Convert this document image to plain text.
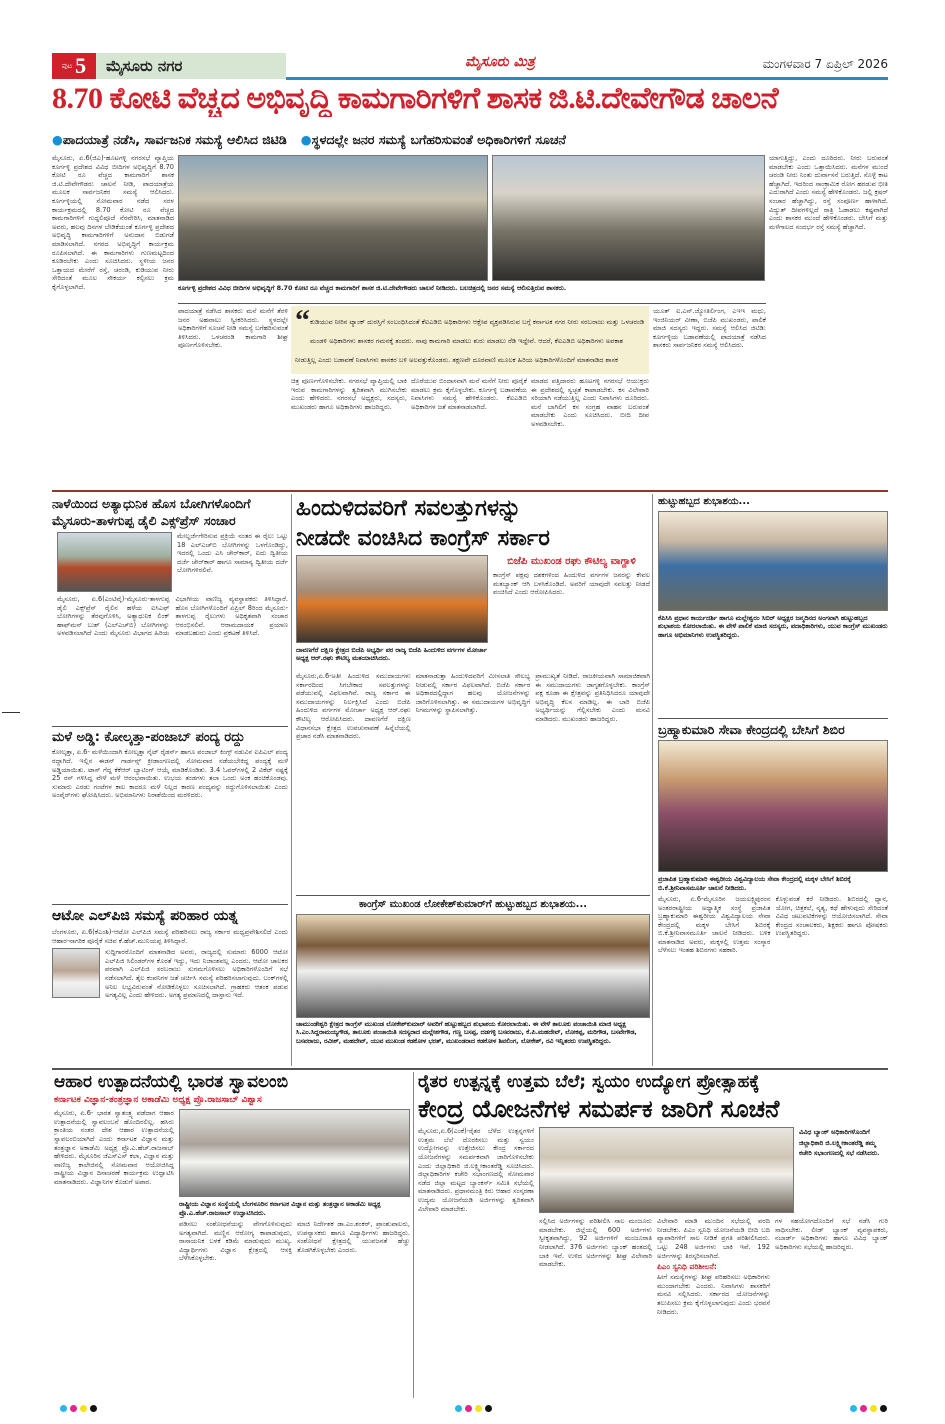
ಪುಟ 5 ಮೈಸೂರು ನಗರ	ಮೈಸೂರು ಮಿತ್ರ	ಮಂಗಳವಾರ 7 ಏಪ್ರಿಲ್ 2026
8.70 ಕೋಟಿ ವೆಚ್ಚದ ಅಭಿವೃದ್ಧಿ ಕಾಮಗಾರಿಗಳಿಗೆ ಶಾಸಕ ಜಿ.ಟಿ.ದೇವೇಗೌಡ ಚಾಲನೆ
●ಪಾದಯಾತ್ರೆ ನಡೆಸಿ, ಸಾರ್ವಜನಿಕ ಸಮಸ್ಯೆ ಆಲಿಸಿದ ಜಿಟಿಡಿ ●ಸ್ಥಳದಲ್ಲೇ ಜನರ ಸಮಸ್ಯೆ ಬಗೆಹರಿಸುವಂತೆ ಅಧಿಕಾರಿಗಳಿಗೆ ಸೂಚನೆ
ಮೈಸೂರು, ಏ.6(ಜಿಎ)-ಹೂಟಗಳ್ಳಿ ನಗರಸಭೆ ವ್ಯಾಪ್ತಿಯ ಕೂರ್ಗಳ್ಳಿ ಪ್ರದೇಶದ ವಿವಿಧ ಬೀದಿಗಳ ಅಭಿವೃದ್ಧಿಗೆ 8.70 ಕೋಟಿ ರೂ ವೆಚ್ಚದ ಕಾಮಗಾರಿಗೆ ಶಾಸಕ ಜಿ.ಟಿ.ದೇವೇಗೌಡರು ಚಾಲನೆ ನೀಡಿ, ಪಾದಯಾತ್ರೆಯ ಮೂಲಕ ಸಾರ್ವಜನಿಕರ ಸಮಸ್ಯೆ ಆಲಿಸಿದರು. ಕೂರ್ಗಳ್ಳಿಯಲ್ಲಿ ಸೋಮವಾರ ನಡೆದ ಸರಳ ಕಾರ್ಯಕ್ರಮದಲ್ಲಿ 8.70 ಕೋಟಿ ರೂ ವೆಚ್ಚದ ಕಾಮಗಾರಿಗಳಿಗೆ ಗುದ್ದಲಿಪೂಜೆ ನೆರವೇರಿಸಿ, ಮಾತನಾಡಿದ ಅವರು, ಹಲವು ದಿನಗಳ ಬೇಡಿಕೆಯಂತೆ ಕೂರ್ಗಳ್ಳಿ ಪ್ರದೇಶದ ಅಭಿವೃದ್ಧಿ ಕಾಮಗಾರಿಗಳಿಗೆ ಅನುದಾನ ಬಿಡುಗಡೆ ಮಾಡಿಸಲಾಗಿದೆ. ನಗರದ ಅಭಿವೃದ್ಧಿಗೆ ಕಾರ್ಯಕ್ರಮ ರೂಪಿಸಲಾಗಿದೆ. ಈ ಕಾಮಗಾರಿಗಳು ಗುಣಮಟ್ಟದಿಂದ ಕೂಡಿರಬೇಕು ಎಂದು ಸೂಚಿಸಿದರು. ಸ್ಥಳೀಯ ಜನರ ಒತ್ತಾಯದ ಮೇರೆಗೆ ರಸ್ತೆ, ಚರಂಡಿ, ಕುಡಿಯುವ ನೀರು ಸೇರಿದಂತೆ ಮೂಲ ಸೌಕರ್ಯ ಕಲ್ಪಿಸಲು ಕ್ರಮ ಕೈಗೊಳ್ಳಲಾಗಿದೆ.
ಯಾಗುತ್ತಿದ್ದು, ಎಂದು ದೂರಿದರು. ನೀರು ಬರುವಂತೆ ಮಾಡಬೇಕು ಎಂದು ಒತ್ತಾಯಿಸಿದರು. ಮನೆಗಳ ಮುಂದೆ ಚರಂಡಿ ನೀರು ನಿಂತು ದುರ್ವಾಸನೆ ಬರುತ್ತಿದೆ. ಸೊಳ್ಳೆ ಕಾಟ ಹೆಚ್ಚಾಗಿದೆ. ಇದರಿಂದ ಸಾಂಕ್ರಾಮಿಕ ರೋಗ ಹರಡುವ ಭೀತಿ ಎದುರಾಗಿದೆ ಎಂದು ಸಮಸ್ಯೆ ಹೇಳಿಕೊಂಡರು. ಜಲ್ಲಿ ಕ್ರಷರ್ ಸಂಚಾರ ಹೆಚ್ಚಾಗಿದ್ದು, ರಸ್ತೆ ಸಂಪೂರ್ಣ ಹಾಳಾಗಿದೆ. ವಿದ್ಯುತ್ ದೀಪಗಳಿಲ್ಲದೆ ರಾತ್ರಿ ಓಡಾಡಲು ಕಷ್ಟವಾಗಿದೆ ಎಂದು ಶಾಸಕರ ಮುಂದೆ ಹೇಳಿಕೊಂಡರು. ಬೇಸಿಗೆ ಮತ್ತು ಮಳೆಗಾಲದ ಸಂದರ್ಭ ರಸ್ತೆ ಸಮಸ್ಯೆ ಹೆಚ್ಚಾಗಿದೆ.
ಕೂರ್ಗಳ್ಳಿ ಪ್ರದೇಶದ ವಿವಿಧ ಬೀದಿಗಳ ಅಭಿವೃದ್ಧಿಗೆ 8.70 ಕೋಟಿ ರೂ ವೆಚ್ಚದ ಕಾಮಗಾರಿಗೆ ಶಾಸಕ ಜಿ.ಟಿ.ದೇವೇಗೌಡರು ಚಾಲನೆ ನೀಡಿದರು. ಬಲಚಿತ್ರದಲ್ಲಿ ಜನರ ಸಮಸ್ಯೆ ಆಲಿಸುತ್ತಿರುವ ಶಾಸಕರು.
ಪಾದಯಾತ್ರೆ ನಡೆಸಿದ ಶಾಸಕರು ಮನೆ ಮನೆಗೆ ತೆರಳಿ ಜನರ ಅಹವಾಲು ಸ್ವೀಕರಿಸಿದರು. ಸ್ಥಳದಲ್ಲೇ ಅಧಿಕಾರಿಗಳಿಗೆ ಸೂಚನೆ ನೀಡಿ ಸಮಸ್ಯೆ ಬಗೆಹರಿಸುವಂತೆ ತಿಳಿಸಿದರು. ಒಳಚರಂಡಿ ಕಾಮಗಾರಿ ಶೀಘ್ರ ಪೂರ್ಣಗೊಳಿಸಬೇಕು.
“ ಕುಡಿಯುವ ನೀರಿನ ಟ್ಯಾಂಕ್ ದುರಸ್ತಿಗೆ ಸಂಬಂಧಿಸಿದಂತೆ ಕೆಐಎಡಿಬಿ ಅಧಿಕಾರಿಗಳು ಆಕ್ಷೇಪ ವ್ಯಕ್ತಪಡಿಸಿರುವ ಬಗ್ಗೆ ಕರ್ನಾಟಕ ನಗರ ನೀರು ಸರಬರಾಜು ಮತ್ತು ಒಳಚರಂಡಿ ಮಂಡಳಿ ಅಧಿಕಾರಿಗಳು ಶಾಸಕರ ಗಮನಕ್ಕೆ ತಂದರು. ನಾವು ಕಾಮಗಾರಿ ಮಾಡಲು ಶುರು ಮಾಡಲು ರೆಡಿ ಇದ್ದೇವೆ. ಆದರೆ, ಕೆಐಎಡಿಬಿ ಅಧಿಕಾರಿಗಳು ಅವಕಾಶ ನೀಡುತ್ತಿಲ್ಲ ಎಂದು ಬಡಾವಣೆ ನಿವಾಸಿಗಳು ಶಾಸಕರ ಬಳಿ ಅಲವತ್ತುಕೊಂಡರು. ತಕ್ಷಣವೇ ದೂರವಾಣಿ ಮೂಲಕ ಹಿರಿಯ ಅಧಿಕಾರಿಗಳೊಂದಿಗೆ ಮಾತನಾಡಿದ ಶಾಸಕ
ಚಿತ್ರ ಪೂರ್ಣಗೊಳಿಸಬೇಕು. ನಗರಸಭೆ ವ್ಯಾಪ್ತಿಯಲ್ಲಿ ಬಾಕಿ ಇರುವ ಕಾಮಗಾರಿಗಳನ್ನು ತ್ವರಿತವಾಗಿ ಮುಗಿಸಬೇಕು ಎಂದು ಹೇಳಿದರು. ನಗರಸಭೆ ಅಧ್ಯಕ್ಷರು, ಸದಸ್ಯರು, ಮುಖಂಡರು ಹಾಗೂ ಅಧಿಕಾರಿಗಳು ಹಾಜರಿದ್ದರು.
ದೊರೆಯುವ ಬಿಂದಾಸವಾಗಿ ಮನೆ ಮನೆಗೆ ನೀರು ಪೂರೈಕೆ ಮಾಡಲು ಕ್ರಮ ಕೈಗೊಳ್ಳಬೇಕು. ಕೂರ್ಗಳ್ಳಿ ಬಡಾವಣೆಯ ನಿವಾಸಿಗಳು ಸಮಸ್ಯೆ ಹೇಳಿಕೊಂಡರು. ಕೆಐಎಡಿಬಿ ಅಧಿಕಾರಿಗಳ ಜತೆ ಮಾತನಾಡಲಾಗಿದೆ.
ಮಾಡದ ಪತ್ತಿದಾರರು ಹೂಟಗಳ್ಳಿ ನಗರಸಭೆ ಆಯುಕ್ತರು ಈ ಪ್ರದೇಶದಲ್ಲಿ ಸ್ವಚ್ಛತೆ ಕಾಪಾಡಬೇಕು. ಕಸ ವಿಲೇವಾರಿ ಸರಿಯಾಗಿ ನಡೆಯುತ್ತಿಲ್ಲ ಎಂದು ನಿವಾಸಿಗಳು ದೂರಿದರು. ಮನೆ ಬಾಗಿಲಿಗೆ ಕಸ ಸಂಗ್ರಹ ವಾಹನ ಬರುವಂತೆ ಮಾಡಬೇಕು ಎಂದು ಸೂಚಿಸಿದರು. ಬೀದಿ ದೀಪ ಅಳವಡಿಸಬೇಕು.
ಯೂತ್ ಐ.ಎನ್.ಜ್ಯೋತಿರ್ಲಿಂಗ, ಎಇಇ ಮಧು, ಇಂಜಿನಿಯರ್ ವೀಣಾ, ಬಿಜೆಪಿ ಮುಖಂಡರು, ಪಾಲಿಕೆ ಮಾಜಿ ಸದಸ್ಯರು ಇದ್ದರು. ಸಮಸ್ಯೆ ಆಲಿಸಿದ ಜಿಟಿಡಿ: ಕೂರ್ಗಳ್ಳಿಯ ಬಡಾವಣೆಯಲ್ಲಿ ಪಾದಯಾತ್ರೆ ನಡೆಸಿದ ಶಾಸಕರು ಸಾರ್ವಜನಿಕರ ಸಮಸ್ಯೆ ಆಲಿಸಿದರು.
ನಾಳೆಯಿಂದ ಅತ್ಯಾಧುನಿಕ ಹೊಸ ಬೋಗಿಗಳೊಂದಿಗೆ ಮೈಸೂರು-ತಾಳಗುಪ್ಪ ಡೈಲಿ ಎಕ್ಸ್‌ಪ್ರೆಸ್ ಸಂಚಾರ
ಮೇಲ್ದರ್ಜೆಗೇರಿಸುವ ಪ್ರಕ್ರಿಯೆ ನಂತರ ಈ ರೈಲು ಒಟ್ಟು 18 ಎಲ್‌ಎಚ್‌ಬಿ ಬೋಗಿಗಳನ್ನು ಒಳಗೊಂಡಿದ್ದು, ಇದರಲ್ಲಿ ಒಂದು ಎಸಿ ಚೇರ್‌ಕಾರ್, ಐದು ದ್ವಿತೀಯ ದರ್ಜೆ ಚೇರ್‌ಕಾರ್ ಹಾಗೂ ಸಾಮಾನ್ಯ ದ್ವಿತೀಯ ದರ್ಜೆ ಬೋಗಿಗಳಿರಲಿವೆ.
ಮೈಸೂರು, ಏ.6(ಎಂಟಿವೈ)-ಮೈಸೂರು-ತಾಳಗುಪ್ಪ ಡೈಲಿ ಎಕ್ಸ್‌ಪ್ರೆಸ್ ರೈಲಿನ ಹಳೆಯ ಐಸಿಎಫ್ ಬೋಗಿಗಳನ್ನು ತೆರವುಗೊಳಿಸಿ, ಅತ್ಯಾಧುನಿಕ ಲಿಂಕ್ ಹಾಫ್‌ಮನ್ ಬುಶ್ (ಎಲ್‌ಎಚ್‌ಬಿ) ಬೋಗಿಗಳನ್ನು ಅಳವಡಿಸಲಾಗಿದೆ ಎಂದು ಮೈಸೂರು ವಿಭಾಗದ ಹಿರಿಯ ವಿಭಾಗೀಯ ವಾಣಿಜ್ಯ ವ್ಯವಸ್ಥಾಪಕರು ತಿಳಿಸಿದ್ದಾರೆ. ಹೊಸ ಬೋಗಿಗಳೊಂದಿಗೆ ಏಪ್ರಿಲ್ 8ರಿಂದ ಮೈಸೂರು-ತಾಳಗುಪ್ಪ ರೈಲುಗಳು ಅಧಿಕೃತವಾಗಿ ಸಂಚಾರ ಆರಂಭಿಸಲಿವೆ. ಆರಾಮದಾಯಕ ಪ್ರಯಾಣ ಮಾಡಬಹುದು ಎಂದು ಪ್ರಕಟಣೆ ತಿಳಿಸಿದೆ.
ಮಳೆ ಅಡ್ಡಿ: ಕೋಲ್ಕತ್ತಾ-ಪಂಜಾಬ್ ಪಂದ್ಯ ರದ್ದು
ಕೋಲ್ಕತ್ತಾ, ಏ.6- ಮಳೆಯಿಂದಾಗಿ ಕೋಲ್ಕತ್ತಾ ನೈಟ್ ರೈಡರ್ಸ್ ಹಾಗೂ ಪಂಜಾಬ್ ಕಿಂಗ್ಸ್ ನಡುವಿನ ಐಪಿಎಲ್ ಪಂದ್ಯ ರದ್ದಾಗಿದೆ. ಇಲ್ಲಿನ ಈಡನ್ ಗಾರ್ಡನ್ಸ್ ಕ್ರೀಡಾಂಗಣದಲ್ಲಿ ಸೋಮವಾರ ನಡೆಯಬೇಕಿದ್ದ ಪಂದ್ಯಕ್ಕೆ ಮಳೆ ಅಡ್ಡಿಯಾಯಿತು. ಟಾಸ್ ಗೆದ್ದ ಕೆಕೆಆರ್ ಬ್ಯಾಟಿಂಗ್ ಆಯ್ಕೆ ಮಾಡಿಕೊಂಡಿತು. 3.4 ಓವರ್‌ಗಳಲ್ಲಿ 2 ವಿಕೆಟ್ ನಷ್ಟಕ್ಕೆ 25 ರನ್ ಗಳಿಸಿದ್ದ ವೇಳೆ ಮಳೆ ಆರಂಭವಾಯಿತು. ಉಭಯ ತಂಡಗಳು ತಲಾ ಒಂದು ಅಂಕ ಹಂಚಿಕೊಂಡವು. ಸುಮಾರು ಎರಡು ಗಂಟೆಗಳ ಕಾಲ ಕಾದರೂ ಮಳೆ ನಿಲ್ಲದ ಕಾರಣ ಪಂದ್ಯವನ್ನು ರದ್ದುಗೊಳಿಸಲಾಯಿತು ಎಂದು ಅಂಪೈರ್‌ಗಳು ಘೋಷಿಸಿದರು. ಅಭಿಮಾನಿಗಳು ನಿರಾಶೆಯಿಂದ ಮರಳಿದರು.
ಆಟೋ ಎಲ್‌ಪಿಜಿ ಸಮಸ್ಯೆ ಪರಿಹಾರ ಯತ್ನ
ಬೆಂಗಳೂರು, ಏ.6(ಕೆಎಂಶಿ)-ಆಟೋ ಎಲ್‌ಪಿಜಿ ಸಮಸ್ಯೆ ಪರಿಹರಿಸಲು ರಾಜ್ಯ ಸರ್ಕಾರ ಮಧ್ಯಪ್ರವೇಶಿಸಲಿದೆ ಎಂದು ಆಹಾರ-ನಾಗರಿಕ ಪೂರೈಕೆ ಸಚಿವ ಕೆ.ಹೆಚ್.ಮುನಿಯಪ್ಪ ತಿಳಿಸಿದ್ದಾರೆ.
ಸುದ್ದಿಗಾರರೊಂದಿಗೆ ಮಾತನಾಡಿದ ಅವರು, ರಾಜ್ಯದಲ್ಲಿ ಸುಮಾರು 6000 ಆಟೋ ಎಲ್‌ಪಿಜಿ ಸಿಲಿಂಡರ್‌ಗಳ ಕೊರತೆ ಇದ್ದು, ಇದು ನಿಜಾಂಶವಲ್ಲ ಎಂದರು. ಆಟೋ ಚಾಲಕರ ಪರವಾಗಿ ಎಲ್‌ಪಿಜಿ ಸರಬರಾಜು ಸುಗಮಗೊಳಿಸಲು ಅಧಿಕಾರಿಗಳೊಂದಿಗೆ ಸಭೆ ನಡೆಸಲಾಗಿದೆ. ತೈಲ ಕಂಪನಿಗಳ ಜತೆ ಚರ್ಚಿಸಿ ಸಮಸ್ಯೆ ಪರಿಹರಿಸಲಾಗುವುದು. ಬಂಕ್‌ಗಳಲ್ಲಿ ಅನಿಲ ಲಭ್ಯವಿರುವಂತೆ ನೋಡಿಕೊಳ್ಳಲು ಸೂಚಿಸಲಾಗಿದೆ. ಗ್ರಾಹಕರು ಆತಂಕ ಪಡುವ ಅಗತ್ಯವಿಲ್ಲ ಎಂದು ಹೇಳಿದರು. ಅಗತ್ಯ ಪ್ರಮಾಣದಲ್ಲಿ ದಾಸ್ತಾನು ಇದೆ.
ಹಿಂದುಳಿದವರಿಗೆ ಸವಲತ್ತುಗಳನ್ನು
ನೀಡದೇ ವಂಚಿಸಿದ ಕಾಂಗ್ರೆಸ್ ಸರ್ಕಾರ
ದಾವಣಗೆರೆ ದಕ್ಷಿಣ ಕ್ಷೇತ್ರದ ಬಿಜೆಪಿ ಅಭ್ಯರ್ಥಿ ಪರ ರಾಜ್ಯ ಬಿಜೆಪಿ ಹಿಂದುಳಿದ ವರ್ಗಗಳ ಮೋರ್ಚಾ ಅಧ್ಯಕ್ಷ ಆರ್.ರಘು ಕೌಟಿಲ್ಯ ಮತಯಾಚಿಸಿದರು.
ಬಿಜೆಪಿ ಮುಖಂಡ ರಘು ಕೌಟಿಲ್ಯ ವಾಗ್ದಾಳಿ
ಕಾಂಗ್ರೆಸ್ ಪಕ್ಷವು ದಶಕಗಳಿಂದ ಹಿಂದುಳಿದ ವರ್ಗಗಳ ಜನರನ್ನು ಕೇವಲ ಮತಬ್ಯಾಂಕ್ ಆಗಿ ಬಳಸಿಕೊಂಡಿದೆ. ಅವರಿಗೆ ಯಾವುದೇ ಸವಲತ್ತು ನೀಡದೆ ವಂಚಿಸಿದೆ ಎಂದು ಆರೋಪಿಸಿದರು.
ಮೈಸೂರು,ಏ.6-ಅತೀ ಹಿಂದುಳಿದ ಸಮುದಾಯಗಳು ಸರ್ಕಾರದಿಂದ ಸಿಗಬೇಕಾದ ಸವಲತ್ತುಗಳನ್ನು ಪಡೆಯುವಲ್ಲಿ ವಿಫಲವಾಗಿವೆ. ರಾಜ್ಯ ಸರ್ಕಾರ ಈ ಸಮುದಾಯಗಳನ್ನು ನಿರ್ಲಕ್ಷಿಸಿದೆ ಎಂದು ಬಿಜೆಪಿ ಹಿಂದುಳಿದ ವರ್ಗಗಳ ಮೋರ್ಚಾ ಅಧ್ಯಕ್ಷ ಆರ್.ರಘು ಕೌಟಿಲ್ಯ ಆರೋಪಿಸಿದರು. ದಾವಣಗೆರೆ ದಕ್ಷಿಣ ವಿಧಾನಸಭಾ ಕ್ಷೇತ್ರದ ಉಪಚುನಾವಣೆ ಹಿನ್ನೆಲೆಯಲ್ಲಿ ಪ್ರಚಾರ ನಡೆಸಿ ಮಾತನಾಡಿದರು.
ಮಾತನಾಡುತ್ತಾ ಹಿಂದುಳಿದವರಿಗೆ ಮೀಸಲಾತಿ ಸೌಲಭ್ಯ ನೀಡುವಲ್ಲಿ ಸರ್ಕಾರ ವಿಫಲವಾಗಿದೆ. ಬಿಜೆಪಿ ಸರ್ಕಾರ ಅಧಿಕಾರದಲ್ಲಿದ್ದಾಗ ಹಲವು ಯೋಜನೆಗಳನ್ನು ಜಾರಿಗೊಳಿಸಲಾಗಿತ್ತು. ಈ ಸಮುದಾಯಗಳ ಅಭಿವೃದ್ಧಿಗೆ ನಿಗಮಗಳನ್ನು ಸ್ಥಾಪಿಸಲಾಗಿತ್ತು.
ಪ್ರಾಮುಖ್ಯತೆ ನೀಡಿದೆ. ರಾಜಕೀಯವಾಗಿ ಸಾಮಾಜಿಕವಾಗಿ ಈ ಸಮುದಾಯಗಳು ಜಾಗೃತಗೊಳ್ಳಬೇಕು. ಕಾಂಗ್ರೆಸ್ ಪಕ್ಷ ಕೂಡಾ ಈ ಕ್ಷೇತ್ರವನ್ನು ಪ್ರತಿನಿಧಿಸಿದರೂ ಯಾವುದೇ ಅಭಿವೃದ್ಧಿ ಕೆಲಸ ಮಾಡಿಲ್ಲ. ಈ ಬಾರಿ ಬಿಜೆಪಿ ಅಭ್ಯರ್ಥಿಯನ್ನು ಗೆಲ್ಲಿಸಬೇಕು ಎಂದು ಮನವಿ ಮಾಡಿದರು. ಮುಖಂಡರು ಹಾಜರಿದ್ದರು.
ಕಾಂಗ್ರೆಸ್ ಮುಖಂಡ ಲೋಕೇಶ್‌ಕುಮಾರ್‌ಗೆ ಹುಟ್ಟುಹಬ್ಬದ ಶುಭಾಶಯ...
ಚಾಮುಂಡೇಶ್ವರಿ ಕ್ಷೇತ್ರದ ಕಾಂಗ್ರೆಸ್ ಮುಖಂಡ ಲೋಕೇಶ್‌ಕುಮಾರ್ ಅವರಿಗೆ ಹುಟ್ಟುಹಬ್ಬದ ಶುಭಾಶಯ ಕೋರಲಾಯಿತು. ಈ ವೇಳೆ ತಾಲೂಕು ಪಂಚಾಯಿತಿ ಮಾಜಿ ಅಧ್ಯಕ್ಷ ಸಿ.ಎಂ.ಸಿದ್ದರಾಮಯ್ಯಗೌಡ, ತಾಲೂಕು ಪಂಚಾಯಿತಿ ಸದಸ್ಯರಾದ ಮಲ್ಲೇಶಗೌಡ, ಗಣ್ಣ ಬಸಪ್ಪ, ದಡಗಳ್ಳಿ ಬಸವರಾಜು, ಕೆ.ಪಿ.ಮಹದೇವ್, ಲೋಕಪ್ಪ, ಮರಿಗೌಡ, ಬಸವೇಗೌಡ, ಬಸವರಾಜು, ರವೀಶ್, ಮಹದೇವ್, ಯುವ ಮುಖಂಡ ಕಡಕೋಳ ಭರತ್, ಮುಖಂಡರಾದ ಕಡಕೋಳ ಶಿವಲಿಂಗ, ಲೋಕೇಶ್, ರವಿ ಇನ್ನಿತರರು ಉಪಸ್ಥಿತರಿದ್ದರು.
ಹುಟ್ಟುಹಬ್ಬದ ಶುಭಾಶಯ...
ಕೆಪಿಸಿಸಿ ಪ್ರಧಾನ ಕಾರ್ಯದರ್ಶಿ ಹಾಗೂ ಮಲ್ಲೇಶ್ವರಂ ಸಿಬಿರ್ ಅಧ್ಯಕ್ಷರ ಜನ್ಮದಿನದ ಅಂಗವಾಗಿ ಹುಟ್ಟುಹಬ್ಬದ ಶುಭಾಶಯ ಕೋರಲಾಯಿತು. ಈ ವೇಳೆ ಪಾಲಿಕೆ ಮಾಜಿ ಸದಸ್ಯರು, ಪದಾಧಿಕಾರಿಗಳು, ಯುವ ಕಾಂಗ್ರೆಸ್ ಮುಖಂಡರು ಹಾಗೂ ಅಭಿಮಾನಿಗಳು ಉಪಸ್ಥಿತರಿದ್ದರು.
ಬ್ರಹ್ಮಾಕುಮಾರಿ ಸೇವಾ ಕೇಂದ್ರದಲ್ಲಿ ಬೇಸಿಗೆ ಶಿಬಿರ
ಪ್ರಜಾಪಿತ ಬ್ರಹ್ಮಾಕುಮಾರಿ ಈಶ್ವರೀಯ ವಿಶ್ವವಿದ್ಯಾಲಯ ಸೇವಾ ಕೇಂದ್ರದಲ್ಲಿ ಮಕ್ಕಳ ಬೇಸಿಗೆ ಶಿಬಿರಕ್ಕೆ ಬಿ.ಕೆ.ಶ್ರೀನಿವಾಸಮೂರ್ತಿ ಚಾಲನೆ ನೀಡಿದರು.
ಮೈಸೂರು, ಏ.6-ಮೈಸೂರಿನ ಜಯಲಕ್ಷ್ಮಿಪುರಂನ ಅಂತರರಾಷ್ಟ್ರೀಯ ಅಧ್ಯಾತ್ಮಿಕ ಸಂಸ್ಥೆ ಪ್ರಜಾಪಿತ ಬ್ರಹ್ಮಾಕುಮಾರಿ ಈಶ್ವರೀಯ ವಿಶ್ವವಿದ್ಯಾಲಯ ಸೇವಾ ಕೇಂದ್ರದಲ್ಲಿ ಮಕ್ಕಳ ಬೇಸಿಗೆ ಶಿಬಿರಕ್ಕೆ ಬಿ.ಕೆ.ಶ್ರೀನಿವಾಸಮೂರ್ತಿ ಚಾಲನೆ ನೀಡಿದರು. ಬಳಿಕ ಮಾತನಾಡಿದ ಅವರು, ಮಕ್ಕಳಲ್ಲಿ ಉತ್ತಮ ಸಂಸ್ಕಾರ ಬೆಳೆಸಲು ಇಂತಹ ಶಿಬಿರಗಳು ಸಹಕಾರಿ.
ಕೊಳ್ಳುವಂತೆ ಕರೆ ನೀಡಿದರು. ಶಿಬಿರದಲ್ಲಿ ಧ್ಯಾನ, ಯೋಗ, ಚಿತ್ರಕಲೆ, ನೃತ್ಯ, ಕಥೆ ಹೇಳುವುದು ಸೇರಿದಂತೆ ವಿವಿಧ ಚಟುವಟಿಕೆಗಳನ್ನು ಆಯೋಜಿಸಲಾಗಿದೆ. ಸೇವಾ ಕೇಂದ್ರದ ಸಂಚಾಲಕರು, ಶಿಕ್ಷಕರು ಹಾಗೂ ಪೋಷಕರು ಉಪಸ್ಥಿತರಿದ್ದರು.
ಆಹಾರ ಉತ್ಪಾದನೆಯಲ್ಲಿ ಭಾರತ ಸ್ವಾವಲಂಬಿ
ಕರ್ನಾಟಕ ವಿಜ್ಞಾನ-ತಂತ್ರಜ್ಞಾನ ಅಕಾಡೆಮಿ ಅಧ್ಯಕ್ಷ ಪ್ರೊ.ರಾಜಸಾಬ್ ವಿಶ್ವಾಸ
ಮೈಸೂರು, ಏ.6- ಭಾರತ ಸ್ವಾತಂತ್ರ್ಯ ಪಡೆದಾಗ ಆಹಾರ ಉತ್ಪಾದನೆಯಲ್ಲಿ ಸ್ವಾವಲಂಬನೆ ಹೊಂದಿರಲಿಲ್ಲ. ಹಸಿರು ಕ್ರಾಂತಿಯ ನಂತರ ದೇಶ ಆಹಾರ ಉತ್ಪಾದನೆಯಲ್ಲಿ ಸ್ವಾವಲಂಬಿಯಾಗಿದೆ ಎಂದು ಕರ್ನಾಟಕ ವಿಜ್ಞಾನ ಮತ್ತು ತಂತ್ರಜ್ಞಾನ ಅಕಾಡೆಮಿ ಅಧ್ಯಕ್ಷ ಪ್ರೊ.ಎ.ಹೆಚ್.ರಾಜಸಾಬ್ ಹೇಳಿದರು. ಮೈಸೂರಿನ ಜೆಎಸ್‌ಎಸ್ ಕಲಾ, ವಿಜ್ಞಾನ ಮತ್ತು ವಾಣಿಜ್ಯ ಕಾಲೇಜಿನಲ್ಲಿ ಸೋಮವಾರ ಆಯೋಜಿಸಿದ್ದ ರಾಷ್ಟ್ರೀಯ ವಿಜ್ಞಾನ ದಿನಾಚರಣೆ ಕಾರ್ಯಕ್ರಮ ಉದ್ಘಾಟಿಸಿ ಮಾತನಾಡಿದರು. ವಿಜ್ಞಾನಿಗಳ ಕೊಡುಗೆ ಅಪಾರ.
ರಾಷ್ಟ್ರೀಯ ವಿಜ್ಞಾನ ಸಂಸ್ಥೆಯಲ್ಲಿ ಬೆಂಗಳೂರಿನ ಕರ್ನಾಟಕ ವಿಜ್ಞಾನ ಮತ್ತು ತಂತ್ರಜ್ಞಾನ ಅಕಾಡೆಮಿ ಅಧ್ಯಕ್ಷ ಪ್ರೊ.ಎ.ಹೆಚ್.ರಾಜಸಾಬ್ ಉದ್ಘಾಟಿಸಿದರು.
ಪಡಿಸಲು ಸಂಶೋಧನೆಯನ್ನು ವೇಗಗೊಳಿಸುವುದು ಅಗತ್ಯವಾಗಿದೆ. ಮಣ್ಣಿನ ಆರೋಗ್ಯ ಕಾಪಾಡುವುದು, ರಾಸಾಯನಿಕ ಬಳಕೆ ಕಡಿಮೆ ಮಾಡುವುದು ಮುಖ್ಯ. ವಿದ್ಯಾರ್ಥಿಗಳು ವಿಜ್ಞಾನ ಕ್ಷೇತ್ರದಲ್ಲಿ ಆಸಕ್ತಿ ಬೆಳೆಸಿಕೊಳ್ಳಬೇಕು.
ಮಾಜಿ ನಿರ್ದೇಶಕ ಡಾ.ಎಂ.ಶಂಕರ್, ಪ್ರಾಂಶುಪಾಲರು, ಉಪನ್ಯಾಸಕರು ಹಾಗೂ ವಿದ್ಯಾರ್ಥಿಗಳು ಹಾಜರಿದ್ದರು. ಸಂಶೋಧನೆ ಕ್ಷೇತ್ರದಲ್ಲಿ ಯುವಜನತೆ ಹೆಚ್ಚು ತೊಡಗಿಕೊಳ್ಳಬೇಕು ಎಂದರು.
ರೈತರ ಉತ್ಪನ್ನಕ್ಕೆ ಉತ್ತಮ ಬೆಲೆ; ಸ್ವಯಂ ಉದ್ಯೋಗ ಪ್ರೋತ್ಸಾಹಕ್ಕೆ
ಕೇಂದ್ರ ಯೋಜನೆಗಳ ಸಮರ್ಪಕ ಜಾರಿಗೆ ಸೂಚನೆ
ಮೈಸೂರು,ಏ.6(ಎಂಕೆ)-ರೈತರ ಬೆಳೆದ ಉತ್ಪನ್ನಗಳಿಗೆ ಉತ್ತಮ ಬೆಲೆ ದೊರಕಿಸಲು ಮತ್ತು ಸ್ವಯಂ ಉದ್ಯೋಗವನ್ನು ಉತ್ತೇಜಿಸಲು ಕೇಂದ್ರ ಸರ್ಕಾರದ ಯೋಜನೆಗಳನ್ನು ಸಮರ್ಪಕವಾಗಿ ಜಾರಿಗೊಳಿಸಬೇಕು ಎಂದು ಜಿಲ್ಲಾಧಿಕಾರಿ ಜಿ.ಲಕ್ಷ್ಮೀಕಾಂತರೆಡ್ಡಿ ಸೂಚಿಸಿದರು. ಜಿಲ್ಲಾಧಿಕಾರಿಗಳ ಕಚೇರಿ ಸಭಾಂಗಣದಲ್ಲಿ ಸೋಮವಾರ ನಡೆದ ಜಿಲ್ಲಾ ಮಟ್ಟದ ಬ್ಯಾಂಕರ್ಸ್ ಸಮಿತಿ ಸಭೆಯಲ್ಲಿ ಮಾತನಾಡಿದರು. ಪ್ರಧಾನಮಂತ್ರಿ ಕಿರು ಆಹಾರ ಸಂಸ್ಕರಣಾ ಉದ್ಯಮ ಯೋಜನೆಯಡಿ ಅರ್ಜಿಗಳನ್ನು ತ್ವರಿತವಾಗಿ ವಿಲೇವಾರಿ ಮಾಡಬೇಕು.
ವಿವಿಧ ಬ್ಯಾಂಕ್ ಅಧಿಕಾರಿಗಳೊಂದಿಗೆ ಜಿಲ್ಲಾಧಿಕಾರಿ ಜಿ.ಲಕ್ಷ್ಮೀಕಾಂತರೆಡ್ಡಿ ತಮ್ಮ ಕಚೇರಿ ಸಭಾಂಗಣದಲ್ಲಿ ಸಭೆ ನಡೆಸಿದರು.
ಸಲ್ಲಿಸಿದ ಅರ್ಜಿಗಳನ್ನು ಪರಿಶೀಲಿಸಿ ಸಾಲ ಮಂಜೂರು ಮಾಡಬೇಕು. ಜಿಲ್ಲೆಯಲ್ಲಿ 600 ಅರ್ಜಿಗಳು ಸ್ವೀಕೃತವಾಗಿದ್ದು, 92 ಅರ್ಜಿಗಳಿಗೆ ಮಂಜೂರಾತಿ ನೀಡಲಾಗಿದೆ. 376 ಅರ್ಜಿಗಳು ಬ್ಯಾಂಕ್ ಹಂತದಲ್ಲಿ ಬಾಕಿ ಇವೆ. ಉಳಿದ ಅರ್ಜಿಗಳನ್ನು ಶೀಘ್ರ ವಿಲೇವಾರಿ ಮಾಡಬೇಕು.
ವಿಲೇವಾರಿ ಮಾಡಿ ಮುಂದಿನ ಸಭೆಯಲ್ಲಿ ವರದಿ ನೀಡಬೇಕು. ಪಿಎಂ ಸ್ವನಿಧಿ ಯೋಜನೆಯಡಿ ಬೀದಿ ಬದಿ ವ್ಯಾಪಾರಿಗಳಿಗೆ ಸಾಲ ನೀಡಿಕೆ ಪ್ರಗತಿ ಪರಿಶೀಲಿಸಿದರು. ಒಟ್ಟು 248 ಅರ್ಜಿಗಳು ಬಾಕಿ ಇವೆ. 192 ಅರ್ಜಿಗಳನ್ನು ತಿರಸ್ಕರಿಸಲಾಗಿದೆ.
ಪಿಎಂ ಸ್ವನಿಧಿ ಪರಿಶೀಲನೆ:
ಹೀಗೆ ಸಮಸ್ಯೆಗಳನ್ನು ಶೀಘ್ರ ಪರಿಹರಿಸಲು ಅಧಿಕಾರಿಗಳು ಮುಂದಾಗಬೇಕು ಎಂದರು. ನಿವಾಸಿಗಳು ಶಾಸಕರಿಗೆ ಮನವಿ ಸಲ್ಲಿಸಿದರು. ಸರ್ಕಾರದ ಯೋಜನೆಗಳನ್ನು ತಲುಪಿಸಲು ಕ್ರಮ ಕೈಗೊಳ್ಳಲಾಗುವುದು ಎಂದು ಭರವಸೆ ನೀಡಿದರು.
ಗಳ ಸಹಯೋಗದೊಂದಿಗೆ ಸಭೆ ನಡೆಸಿ ಗುರಿ ಸಾಧಿಸಬೇಕು. ಲೀಡ್ ಬ್ಯಾಂಕ್ ವ್ಯವಸ್ಥಾಪಕರು, ನಬಾರ್ಡ್ ಅಧಿಕಾರಿಗಳು ಹಾಗೂ ವಿವಿಧ ಬ್ಯಾಂಕ್ ಅಧಿಕಾರಿಗಳು ಸಭೆಯಲ್ಲಿ ಹಾಜರಿದ್ದರು.
